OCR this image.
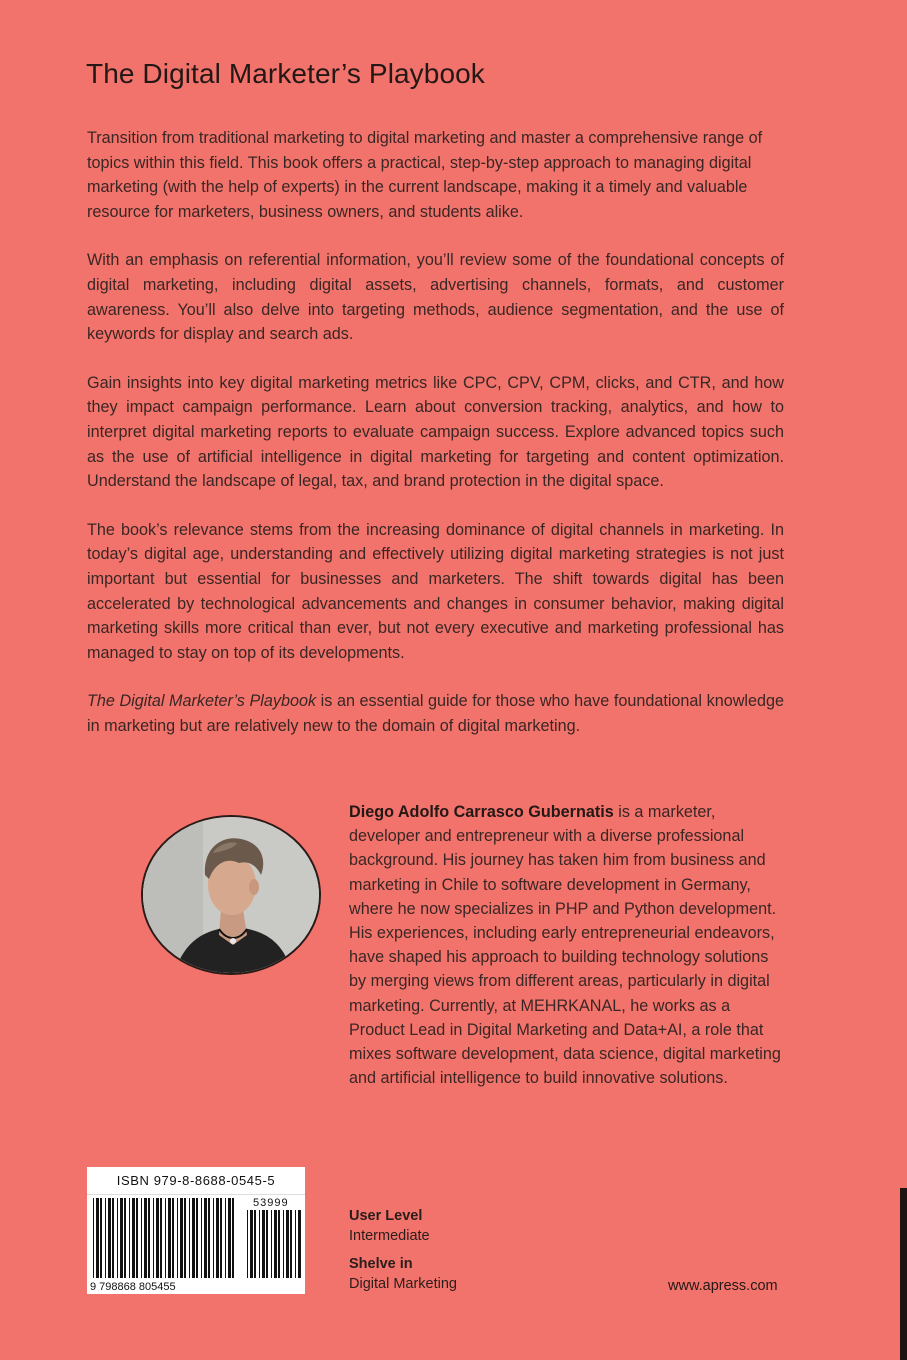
The Digital Marketer’s Playbook

Transition from traditional marketing to digital marketing and master a comprehensive range of topics within this field. This book offers a practical, step-by-step approach to managing digital marketing (with the help of experts) in the current landscape, making it a timely and valuable resource for marketers, business owners, and students alike.

With an emphasis on referential information, you’ll review some of the foundational concepts of digital marketing, including digital assets, advertising channels, formats, and customer awareness. You’ll also delve into targeting methods, audience segmentation, and the use of keywords for display and search ads.

Gain insights into key digital marketing metrics like CPC, CPV, CPM, clicks, and CTR, and how they impact campaign performance. Learn about conversion tracking, analytics, and how to interpret digital marketing reports to evaluate campaign success. Explore advanced topics such as the use of artificial intelligence in digital marketing for targeting and content optimization. Understand the landscape of legal, tax, and brand protection in the digital space.

The book’s relevance stems from the increasing dominance of digital channels in marketing. In today’s digital age, understanding and effectively utilizing digital marketing strategies is not just important but essential for businesses and marketers. The shift towards digital has been accelerated by technological advancements and changes in consumer behavior, making digital marketing skills more critical than ever, but not every executive and marketing professional has managed to stay on top of its developments.

The Digital Marketer’s Playbook is an essential guide for those who have foundational knowledge in marketing but are relatively new to the domain of digital marketing.

Diego Adolfo Carrasco Gubernatis is a marketer, developer and entrepreneur with a diverse professional background. His journey has taken him from business and marketing in Chile to software development in Germany, where he now specializes in PHP and Python development. His experiences, including early entrepreneurial endeavors, have shaped his approach to building technology solutions by merging views from different areas, particularly in digital marketing. Currently, at MEHRKANAL, he works as a Product Lead in Digital Marketing and Data+AI, a role that mixes software development, data science, digital marketing and artificial intelligence to build innovative solutions.
ISBN 979-8-8688-0545-5
9 798868 805455
53999
User Level
Intermediate
Shelve in
Digital Marketing	www.apress.com
